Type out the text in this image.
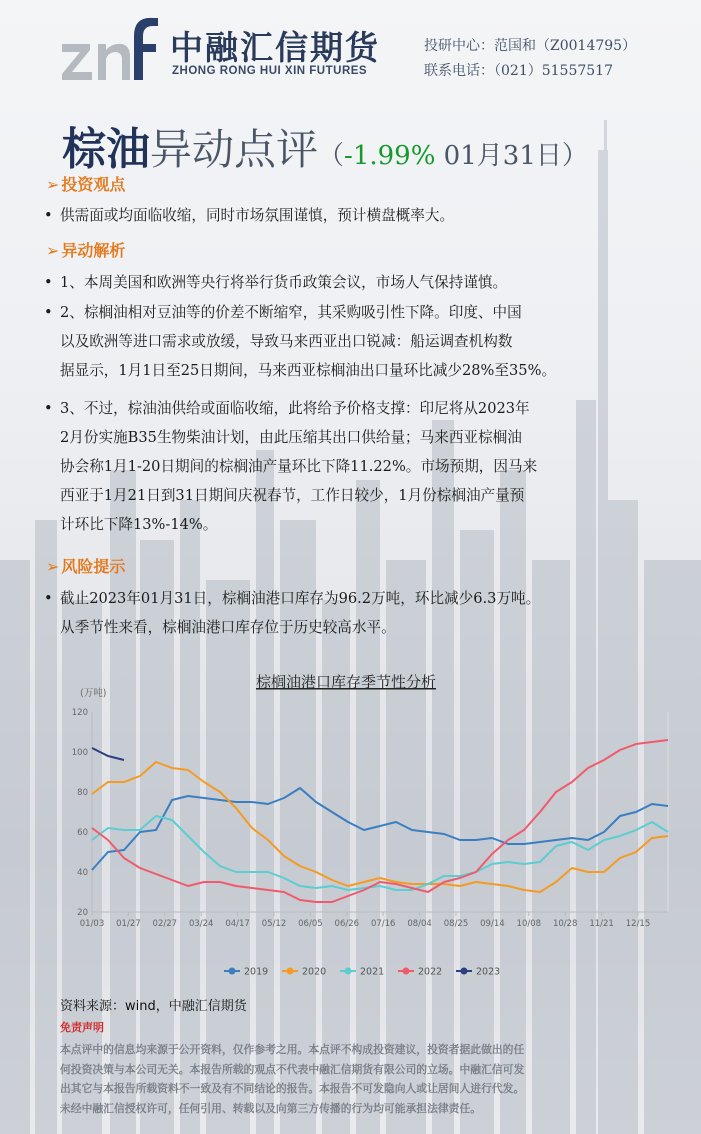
中融汇信期货
ZHONG RONG HUI XIN FUTURES
投研中心：范国和（Z0014795）
联系电话：（021）51557517
棕油异动点评（-1.99% 01月31日）
➢ 投资观点
• 供需面或均面临收缩，同时市场氛围谨慎，预计横盘概率大。
➢ 异动解析
• 1、本周美国和欧洲等央行将举行货币政策会议，市场人气保持谨慎。
• 2、棕榈油相对豆油等的价差不断缩窄，其采购吸引性下降。印度、中国
以及欧洲等进口需求或放缓，导致马来西亚出口锐减：船运调查机构数
据显示，1月1日至25日期间，马来西亚棕榈油出口量环比减少28%至35%。
• 3、不过，棕油油供给或面临收缩，此将给予价格支撑：印尼将从2023年
2月份实施B35生物柴油计划，由此压缩其出口供给量；马来西亚棕榈油
协会称1月1-20日期间的棕榈油产量环比下降11.22%。市场预期，因马来
西亚于1月21日到31日期间庆祝春节，工作日较少，1月份棕榈油产量预
计环比下降13%-14%。
➢ 风险提示
• 截止2023年01月31日，棕榈油港口库存为96.2万吨，环比减少6.3万吨。
从季节性来看，棕榈油港口库存位于历史较高水平。
棕榈油港口库存季节性分析
(万吨)
20
40
60
80
100
120
01/03 01/27 02/27 03/24 04/17 05/12 06/05 06/26 07/16 08/04 08/25 09/14 10/08 10/28 11/21 12/15
2019	2020	2021	2022	2023
资料来源：wind，中融汇信期货
免责声明
本点评中的信息均来源于公开资料，仅作参考之用。本点评不构成投资建议，投资者据此做出的任
何投资决策与本公司无关。本报告所载的观点不代表中融汇信期货有限公司的立场。中融汇信可发
出其它与本报告所载资料不一致及有不同结论的报告。本报告不可发隐向人或让居间人进行代发。
未经中融汇信授权许可，任何引用、转载以及向第三方传播的行为均可能承担法律责任。
